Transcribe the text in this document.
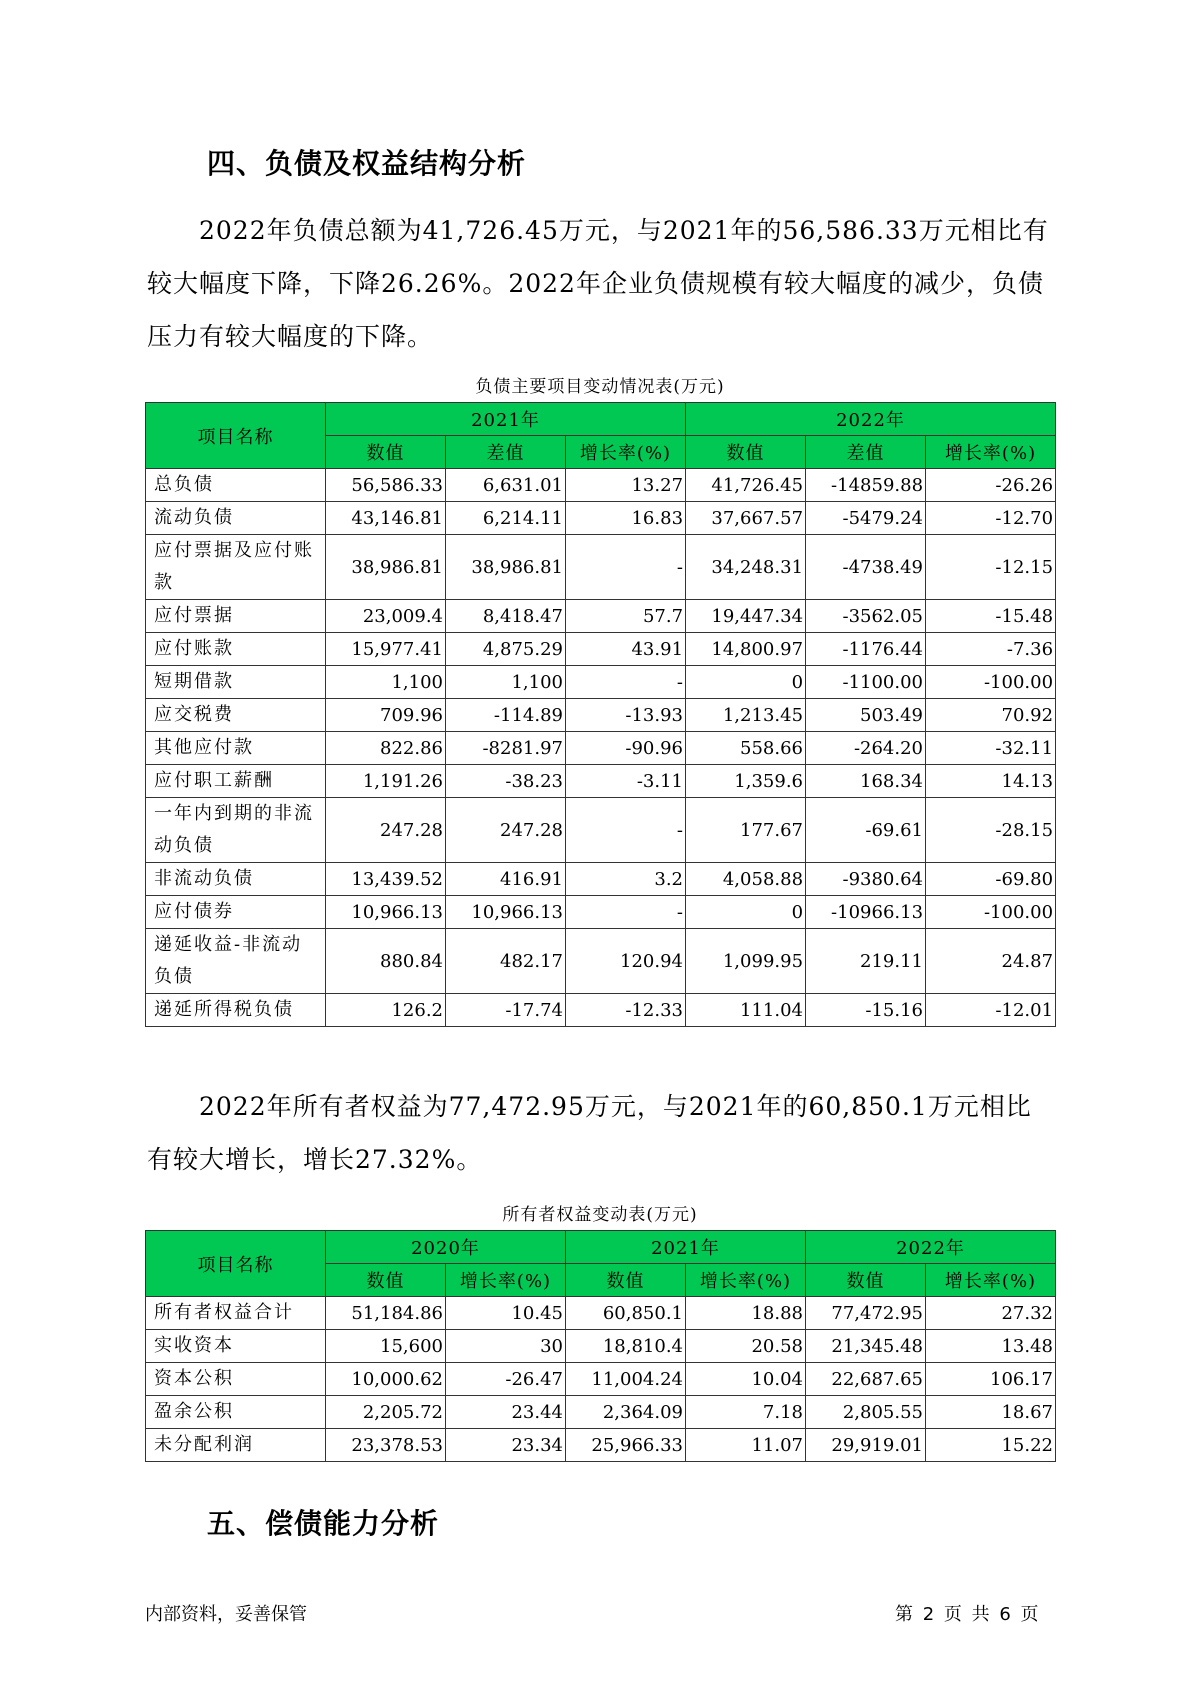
四、负债及权益结构分析

2022年负债总额为41,726.45万元，与2021年的56,586.33万元相比有较大幅度下降，下降26.26%。2022年企业负债规模有较大幅度的减少，负债压力有较大幅度的下降。

负债主要项目变动情况表(万元)
项目名称	2021年			2022年		
	数值	差值	增长率(%)	数值	差值	增长率(%)
总负债	56,586.33	6,631.01	13.27	41,726.45	-14859.88	-26.26
流动负债	43,146.81	6,214.11	16.83	37,667.57	-5479.24	-12.70
应付票据及应付账款	38,986.81	38,986.81	-	34,248.31	-4738.49	-12.15
应付票据	23,009.4	8,418.47	57.7	19,447.34	-3562.05	-15.48
应付账款	15,977.41	4,875.29	43.91	14,800.97	-1176.44	-7.36
短期借款	1,100	1,100	-	0	-1100.00	-100.00
应交税费	709.96	-114.89	-13.93	1,213.45	503.49	70.92
其他应付款	822.86	-8281.97	-90.96	558.66	-264.20	-32.11
应付职工薪酬	1,191.26	-38.23	-3.11	1,359.6	168.34	14.13
一年内到期的非流动负债	247.28	247.28	-	177.67	-69.61	-28.15
非流动负债	13,439.52	416.91	3.2	4,058.88	-9380.64	-69.80
应付债券	10,966.13	10,966.13	-	0	-10966.13	-100.00
递延收益-非流动负债	880.84	482.17	120.94	1,099.95	219.11	24.87
递延所得税负债	126.2	-17.74	-12.33	111.04	-15.16	-12.01

2022年所有者权益为77,472.95万元，与2021年的60,850.1万元相比有较大增长，增长27.32%。

所有者权益变动表(万元)
项目名称	2020年		2021年		2022年	
	数值	增长率(%)	数值	增长率(%)	数值	增长率(%)
所有者权益合计	51,184.86	10.45	60,850.1	18.88	77,472.95	27.32
实收资本	15,600	30	18,810.4	20.58	21,345.48	13.48
资本公积	10,000.62	-26.47	11,004.24	10.04	22,687.65	106.17
盈余公积	2,205.72	23.44	2,364.09	7.18	2,805.55	18.67
未分配利润	23,378.53	23.34	25,966.33	11.07	29,919.01	15.22
五、偿债能力分析
内部资料，妥善保管	第 2 页 共 6 页
